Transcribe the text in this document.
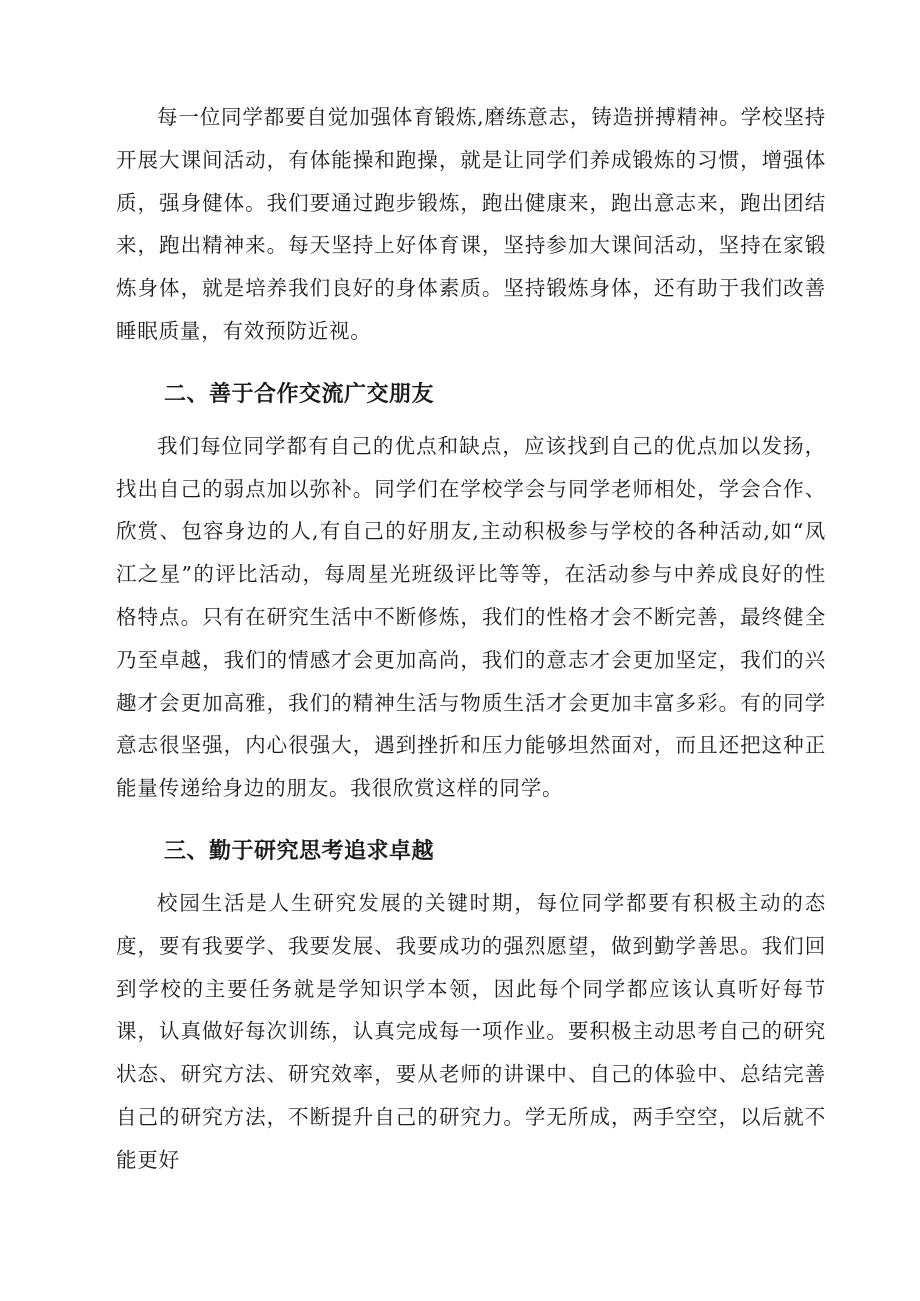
每一位同学都要自觉加强体育锻炼,磨练意志，铸造拼搏精神。学校坚持开展大课间活动，有体能操和跑操，就是让同学们养成锻炼的习惯，增强体质，强身健体。我们要通过跑步锻炼，跑出健康来，跑出意志来，跑出团结来，跑出精神来。每天坚持上好体育课，坚持参加大课间活动，坚持在家锻炼身体，就是培养我们良好的身体素质。坚持锻炼身体，还有助于我们改善睡眠质量，有效预防近视。

二、善于合作交流广交朋友

我们每位同学都有自己的优点和缺点，应该找到自己的优点加以发扬，找出自己的弱点加以弥补。同学们在学校学会与同学老师相处，学会合作、欣赏、包容身边的人,有自己的好朋友,主动积极参与学校的各种活动,如“凤江之星”的评比活动，每周星光班级评比等等，在活动参与中养成良好的性格特点。只有在研究生活中不断修炼，我们的性格才会不断完善，最终健全乃至卓越，我们的情感才会更加高尚，我们的意志才会更加坚定，我们的兴趣才会更加高雅，我们的精神生活与物质生活才会更加丰富多彩。有的同学意志很坚强，内心很强大，遇到挫折和压力能够坦然面对，而且还把这种正能量传递给身边的朋友。我很欣赏这样的同学。

三、勤于研究思考追求卓越

校园生活是人生研究发展的关键时期，每位同学都要有积极主动的态度，要有我要学、我要发展、我要成功的强烈愿望，做到勤学善思。我们回到学校的主要任务就是学知识学本领，因此每个同学都应该认真听好每节课，认真做好每次训练，认真完成每一项作业。要积极主动思考自己的研究状态、研究方法、研究效率，要从老师的讲课中、自己的体验中、总结完善自己的研究方法，不断提升自己的研究力。学无所成，两手空空，以后就不能更好
